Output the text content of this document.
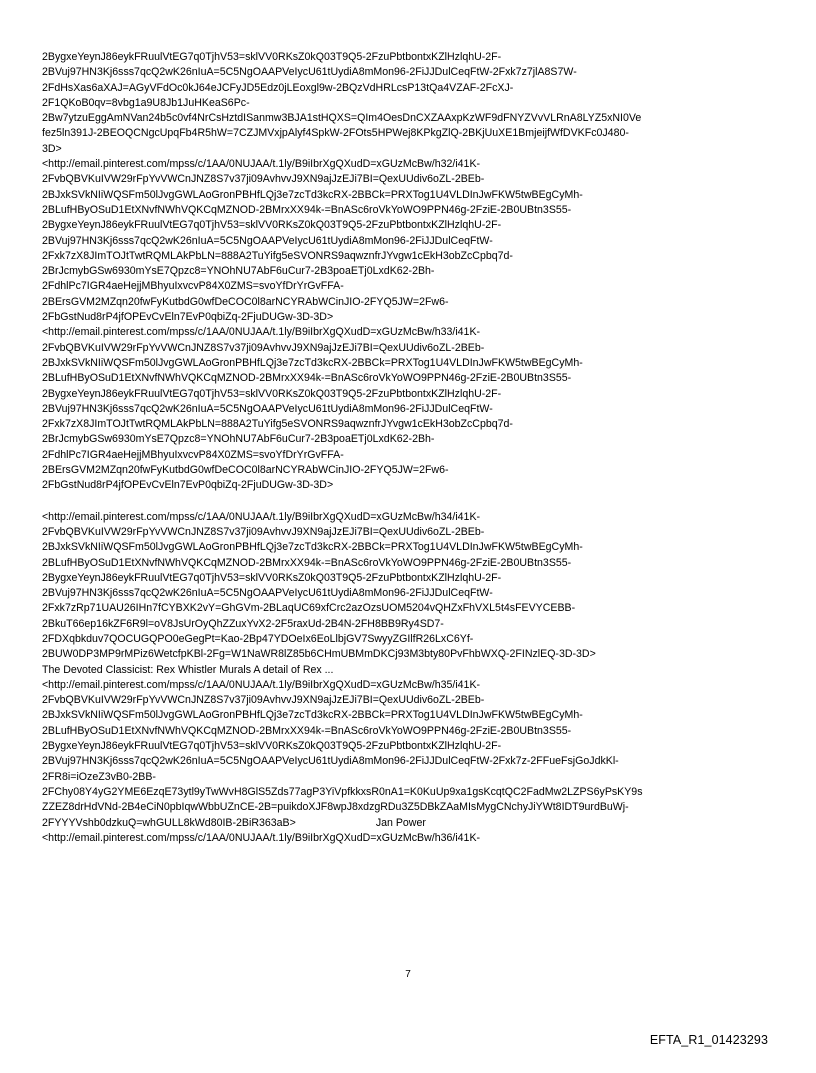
2BygxeYeynJ86eykFRuulVtEG7q0TjhV53=sklVV0RKsZ0kQ03T9Q5-2FzuPbtbontxKZlHzlqhU-2F-
2BVuj97HN3Kj6sss7qcQ2wK26nIuA=5C5NgOAAPVeIycU61tUydiA8mMon96-2FiJJDulCeqFtW-2Fxk7z7jlA8S7W-
2FdHsXas6aXAJ=AGyVFdOc0kJ64eJCFyJD5Edz0jLEoxgl9w-2BQzVdHRLcsP13tQa4VZAF-2FcXJ-
2F1QKoB0qv=8vbg1a9U8Jb1JuHKeaS6Pc-
2Bw7ytzuEggAmNVan24b5c0vf4NrCsHztdISanmw3BJA1stHQXS=QIm4OesDnCXZAAxpKzWF9dFNYZVvVLRnA8LYZ5xNI0Ve
fez5ln391J-2BEOQCNgcUpqFb4R5hW=7CZJMVxjpAlyf4SpkW-2FOts5HPWej8KPkgZlQ-2BKjUuXE1BmjeijfWfDVKFc0J480-
3D>
<http://email.pinterest.com/mpss/c/1AA/0NUJAA/t.1ly/B9iIbrXgQXudD=xGUzMcBw/h32/i41K-
2FvbQBVKuIVW29rFpYvVWCnJNZ8S7v37ji09AvhvvJ9XN9ajJzEJi7BI=QexUUdiv6oZL-2BEb-
2BJxkSVkNIiWQSFm50lJvgGWLAoGronPBHfLQj3e7zcTd3kcRX-2BBCk=PRXTog1U4VLDInJwFKW5twBEgCyMh-
2BLufHByOSuD1EtXNvfNWhVQKCqMZNOD-2BMrxXX94k-=BnASc6roVkYoWO9PPN46g-2FziE-2B0UBtn3S55-
2BygxeYeynJ86eykFRuulVtEG7q0TjhV53=sklVV0RKsZ0kQ03T9Q5-2FzuPbtbontxKZlHzlqhU-2F-
2BVuj97HN3Kj6sss7qcQ2wK26nIuA=5C5NgOAAPVeIycU61tUydiA8mMon96-2FiJJDulCeqFtW-
2Fxk7zX8JImTOJtTwtRQMLAkPbLN=888A2TuYifg5eSVONRS9aqwznfrJYvgw1cEkH3obZcCpbq7d-
2BrJcmybGSw6930mYsE7Qpzc8=YNOhNU7AbF6uCur7-2B3poaETj0LxdK62-2Bh-
2FdhlPc7IGR4aeHejjMBhyuIxvcvP84X0ZMS=svoYfDrYrGvFFA-
2BErsGVM2MZqn20fwFyKutbdG0wfDeCOC0l8arNCYRAbWCinJIO-2FYQ5JW=2Fw6-
2FbGstNud8rP4jfOPEvCvEln7EvP0qbiZq-2FjuDUGw-3D-3D>
<http://email.pinterest.com/mpss/c/1AA/0NUJAA/t.1ly/B9iIbrXgQXudD=xGUzMcBw/h33/i41K-
2FvbQBVKuIVW29rFpYvVWCnJNZ8S7v37ji09AvhvvJ9XN9ajJzEJi7BI=QexUUdiv6oZL-2BEb-
2BJxkSVkNIiWQSFm50lJvgGWLAoGronPBHfLQj3e7zcTd3kcRX-2BBCk=PRXTog1U4VLDInJwFKW5twBEgCyMh-
2BLufHByOSuD1EtXNvfNWhVQKCqMZNOD-2BMrxXX94k-=BnASc6roVkYoWO9PPN46g-2FziE-2B0UBtn3S55-
2BygxeYeynJ86eykFRuulVtEG7q0TjhV53=sklVV0RKsZ0kQ03T9Q5-2FzuPbtbontxKZlHzlqhU-2F-
2BVuj97HN3Kj6sss7qcQ2wK26nIuA=5C5NgOAAPVeIycU61tUydiA8mMon96-2FiJJDulCeqFtW-
2Fxk7zX8JImTOJtTwtRQMLAkPbLN=888A2TuYifg5eSVONRS9aqwznfrJYvgw1cEkH3obZcCpbq7d-
2BrJcmybGSw6930mYsE7Qpzc8=YNOhNU7AbF6uCur7-2B3poaETj0LxdK62-2Bh-
2FdhlPc7IGR4aeHejjMBhyuIxvcvP84X0ZMS=svoYfDrYrGvFFA-
2BErsGVM2MZqn20fwFyKutbdG0wfDeCOC0l8arNCYRAbWCinJIO-2FYQ5JW=2Fw6-
2FbGstNud8rP4jfOPEvCvEln7EvP0qbiZq-2FjuDUGw-3D-3D>
<http://email.pinterest.com/mpss/c/1AA/0NUJAA/t.1ly/B9iIbrXgQXudD=xGUzMcBw/h34/i41K-
2FvbQBVKuIVW29rFpYvVWCnJNZ8S7v37ji09AvhvvJ9XN9ajJzEJi7BI=QexUUdiv6oZL-2BEb-
2BJxkSVkNIiWQSFm50lJvgGWLAoGronPBHfLQj3e7zcTd3kcRX-2BBCk=PRXTog1U4VLDInJwFKW5twBEgCyMh-
2BLufHByOSuD1EtXNvfNWhVQKCqMZNOD-2BMrxXX94k-=BnASc6roVkYoWO9PPN46g-2FziE-2B0UBtn3S55-
2BygxeYeynJ86eykFRuulVtEG7q0TjhV53=sklVV0RKsZ0kQ03T9Q5-2FzuPbtbontxKZlHzlqhU-2F-
2BVuj97HN3Kj6sss7qcQ2wK26nIuA=5C5NgOAAPVeIycU61tUydiA8mMon96-2FiJJDulCeqFtW-
2Fxk7zRp71UAU26IHn7fCYBXK2vY=GhGVm-2BLaqUC69xfCrc2azOzsUOM5204vQHZxFhVXL5t4sFEVYCEBB-
2BkuT66ep16kZF6R9l=oV8JsUrOyQhZZuxYvX2-2F5raxUd-2B4N-2FH8BB9Ry4SD7-
2FDXqbkduv7QOCUGQPO0eGegPt=Kao-2Bp47YDOeIx6EoLlbjGV7SwyyZGIlfR26LxC6Yf-
2BUW0DP3MP9rMPiz6WetcfpKBl-2Fg=W1NaWR8lZ85b6CHmUBMmDKCj93M3bty80PvFhbWXQ-2FINzlEQ-3D-3D>
The Devoted Classicist: Rex Whistler Murals A detail of Rex ...
<http://email.pinterest.com/mpss/c/1AA/0NUJAA/t.1ly/B9iIbrXgQXudD=xGUzMcBw/h35/i41K-
2FvbQBVKuIVW29rFpYvVWCnJNZ8S7v37ji09AvhvvJ9XN9ajJzEJi7BI=QexUUdiv6oZL-2BEb-
2BJxkSVkNIiWQSFm50lJvgGWLAoGronPBHfLQj3e7zcTd3kcRX-2BBCk=PRXTog1U4VLDInJwFKW5twBEgCyMh-
2BLufHByOSuD1EtXNvfNWhVQKCqMZNOD-2BMrxXX94k-=BnASc6roVkYoWO9PPN46g-2FziE-2B0UBtn3S55-
2BygxeYeynJ86eykFRuulVtEG7q0TjhV53=sklVV0RKsZ0kQ03T9Q5-2FzuPbtbontxKZlHzlqhU-2F-
2BVuj97HN3Kj6sss7qcQ2wK26nIuA=5C5NgOAAPVeIycU61tUydiA8mMon96-2FiJJDulCeqFtW-2Fxk7z-2FFueFsjGoJdkKl-
2FR8i=iOzeZ3vB0-2BB-
2FChy08Y4yG2YME6EzqE73ytl9yTwWvH8GlS5Zds77agP3YiVpfkkxsR0nA1=K0KuUp9xa1gsKcqtQC2FadMw2LZPS6yPsKY9s
ZZEZ8drHdVNd-2B4eCiN0pbIqwWbbUZnCE-2B=puikdoXJF8wpJ8xdzgRDu3Z5DBkZAaMIsMygCNchyJiYWt8IDT9urdBuWj-
2FYYYVshb0dzkuQ=whGULL8kWd80IB-2BiR363aB>	Jan Power
<http://email.pinterest.com/mpss/c/1AA/0NUJAA/t.1ly/B9iIbrXgQXudD=xGUzMcBw/h36/i41K-
7
EFTA_R1_01423293
